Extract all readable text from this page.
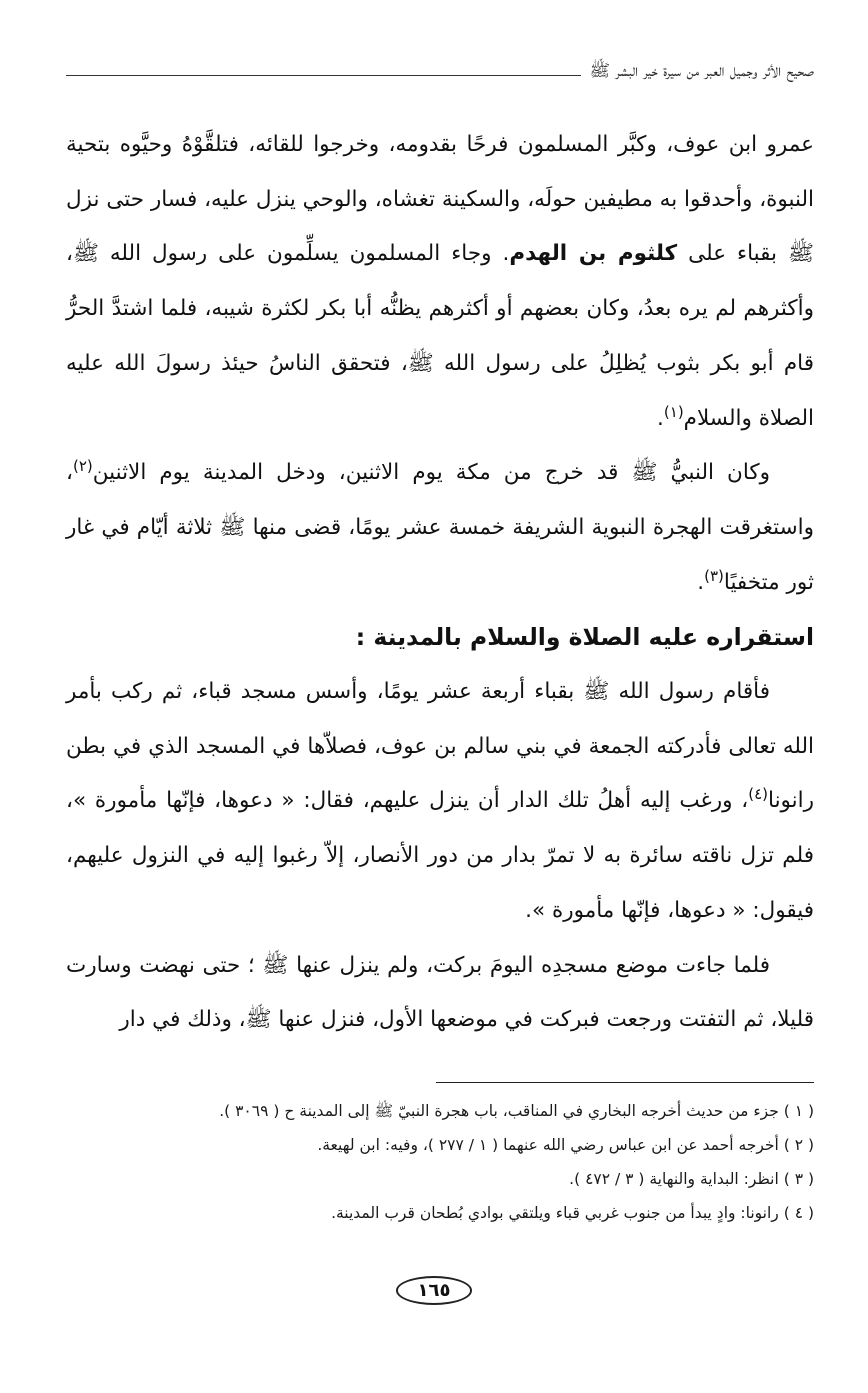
صحيح الأثر وجميل العبر من سيرة خير البشر ﷺ

عمرو ابن عوف، وكبَّر المسلمون فرحًا بقدومه، وخرجوا للقائه، فتلقَّوْهُ وحيَّوه بتحية النبوة، وأحدقوا به مطيفين حولَه، والسكينة تغشاه، والوحي ينزل عليه، فسار حتى نزل ﷺ بقباء على كلثوم بن الهدم. وجاء المسلمون يسلِّمون على رسول الله ﷺ، وأكثرهم لم يره بعدُ، وكان بعضهم أو أكثرهم يظنُّه أبا بكر لكثرة شيبه، فلما اشتدَّ الحرُّ قام أبو بكر بثوب يُظلِلُ على رسول الله ﷺ، فتحقق الناسُ حيئذ رسولَ الله عليه الصلاة والسلام$^{(١)}$.

وكان النبيُّ ﷺ قد خرج من مكة يوم الاثنين، ودخل المدينة يوم الاثنين$^{(٢)}$، واستغرقت الهجرة النبوية الشريفة خمسة عشر يومًا، قضى منها ﷺ ثلاثة أيّام في غار ثور متخفيًا$^{(٣)}$.

استقراره عليه الصلاة والسلام بالمدينة :

فأقام رسول الله ﷺ بقباء أربعة عشر يومًا، وأسس مسجد قباء، ثم ركب بأمر الله تعالى فأدركته الجمعة في بني سالم بن عوف، فصلاّها في المسجد الذي في بطن رانونا$^{(٤)}$، ورغب إليه أهلُ تلك الدار أن ينزل عليهم، فقال: « دعوها، فإنّها مأمورة »، فلم تزل ناقته سائرة به لا تمرّ بدار من دور الأنصار، إلاّ رغبوا إليه في النزول عليهم، فيقول: « دعوها، فإنّها مأمورة ».

فلما جاءت موضع مسجدِه اليومَ بركت، ولم ينزل عنها ﷺ ؛ حتى نهضت وسارت قليلا، ثم التفتت ورجعت فبركت في موضعها الأول، فنزل عنها ﷺ، وذلك في دار

( ١ ) جزء من حديث أخرجه البخاري في المناقب، باب هجرة النبيّ ﷺ إلى المدينة ح ( ٣٠٦٩ ).
( ٢ ) أخرجه أحمد عن ابن عباس رضي الله عنهما ( ١ / ٢٧٧ )، وفيه: ابن لهيعة.
( ٣ ) انظر: البداية والنهاية ( ٣ / ٤٧٢ ).
( ٤ ) رانونا: وادٍ يبدأ من جنوب غربي قباء ويلتقي بوادي بُطحان قرب المدينة.
١٦٥
